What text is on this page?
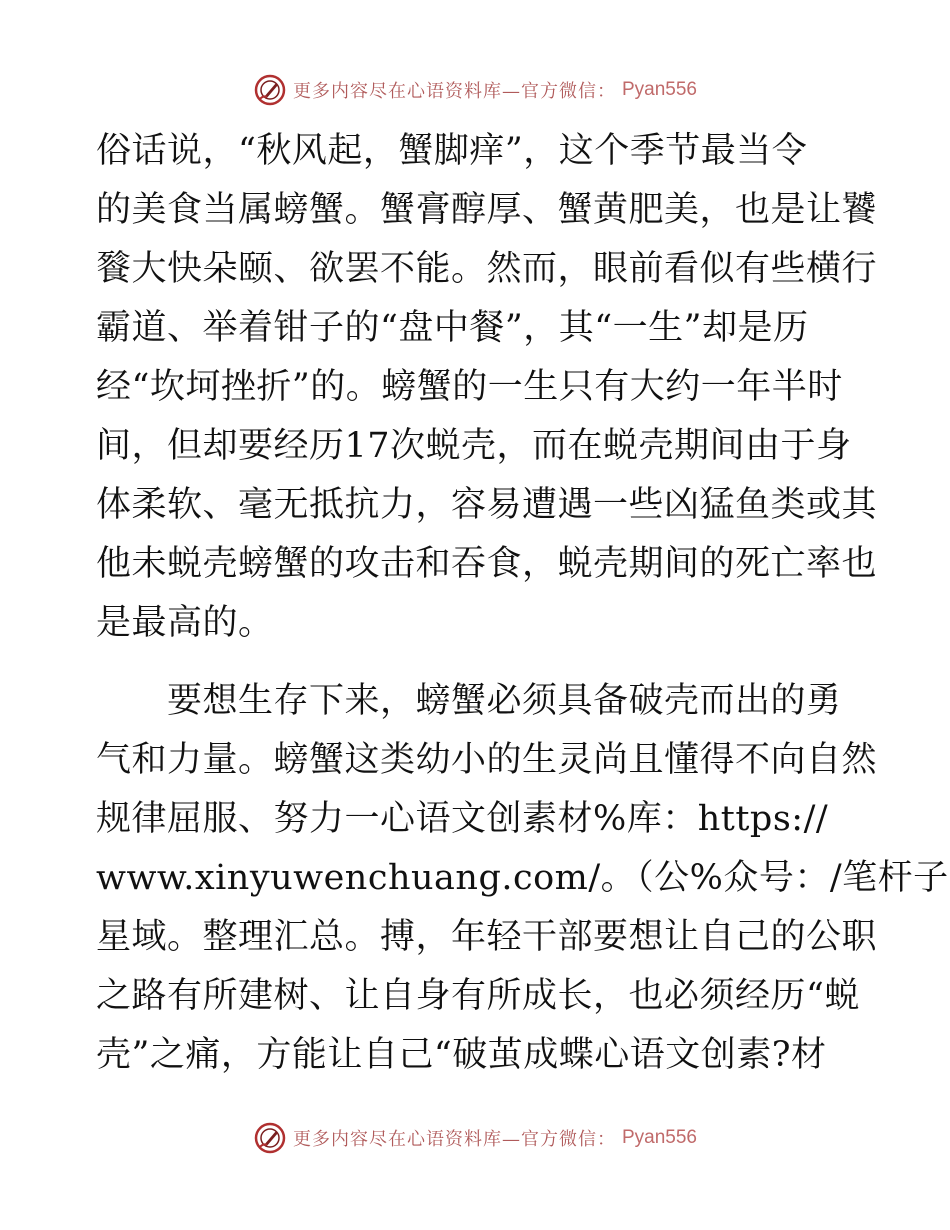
更多内容尽在心语资料库—官方微信： Pyan556
俗话说，“秋风起，蟹脚痒”，这个季节最当令
的美食当属螃蟹。蟹膏醇厚、蟹黄肥美，也是让饕
餮大快朵颐、欲罢不能。然而，眼前看似有些横行
霸道、举着钳子的“盘中餐”，其“一生”却是历
经“坎坷挫折”的。螃蟹的一生只有大约一年半时
间，但却要经历17次蜕壳，而在蜕壳期间由于身
体柔软、毫无抵抗力，容易遭遇一些凶猛鱼类或其
他未蜕壳螃蟹的攻击和吞食，蜕壳期间的死亡率也
是最高的。
　　要想生存下来，螃蟹必须具备破壳而出的勇
气和力量。螃蟹这类幼小的生灵尚且懂得不向自然
规律屈服、努力一心语文创素材%库：https://
www.xinyuwenchuang.com/。（公%众号：/笔杆子
星域。整理汇总。搏，年轻干部要想让自己的公职
之路有所建树、让自身有所成长，也必须经历“蜕
壳”之痛，方能让自己“破茧成蝶心语文创素?材
更多内容尽在心语资料库—官方微信： Pyan556
